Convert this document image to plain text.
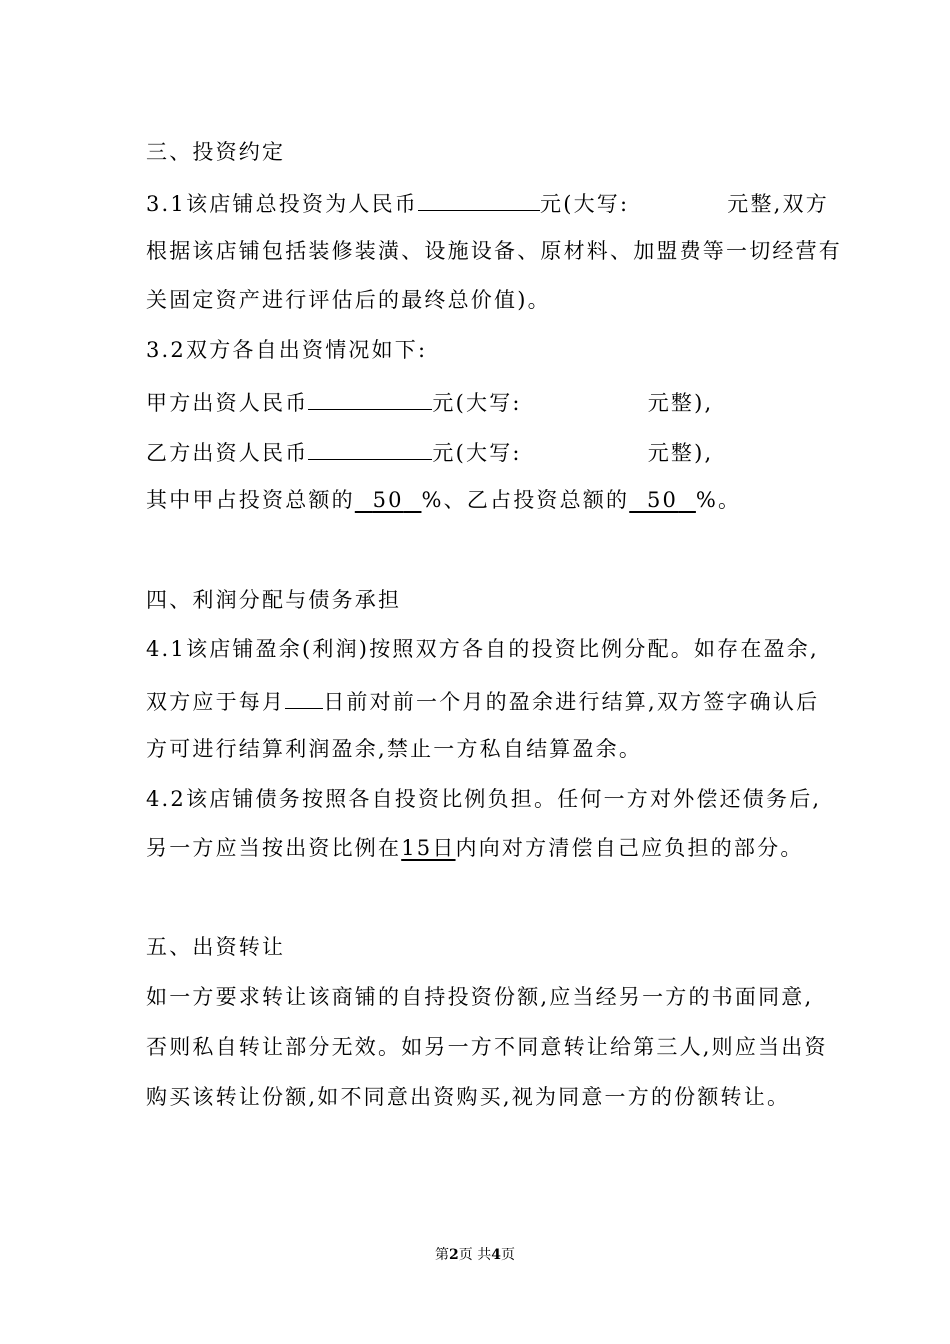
三、投资约定
3.1该店铺总投资为人民币	元(大写:	元整,双方
根据该店铺包括装修装潢、设施设备、原材料、加盟费等一切经营有
关固定资产进行评估后的最终总价值)。
3.2双方各自出资情况如下:
甲方出资人民币	元(大写:	元整),
乙方出资人民币	元(大写:	元整),
其中甲占投资总额的 50 %、乙占投资总额的 50 %。
四、利润分配与债务承担
4.1该店铺盈余(利润)按照双方各自的投资比例分配。如存在盈余,
双方应于每月 日前对前一个月的盈余进行结算,双方签字确认后
方可进行结算利润盈余,禁止一方私自结算盈余。
4.2该店铺债务按照各自投资比例负担。任何一方对外偿还债务后,
另一方应当按出资比例在15日内向对方清偿自己应负担的部分。
五、出资转让
如一方要求转让该商铺的自持投资份额,应当经另一方的书面同意,
否则私自转让部分无效。如另一方不同意转让给第三人,则应当出资
购买该转让份额,如不同意出资购买,视为同意一方的份额转让。
第2页 共4页
